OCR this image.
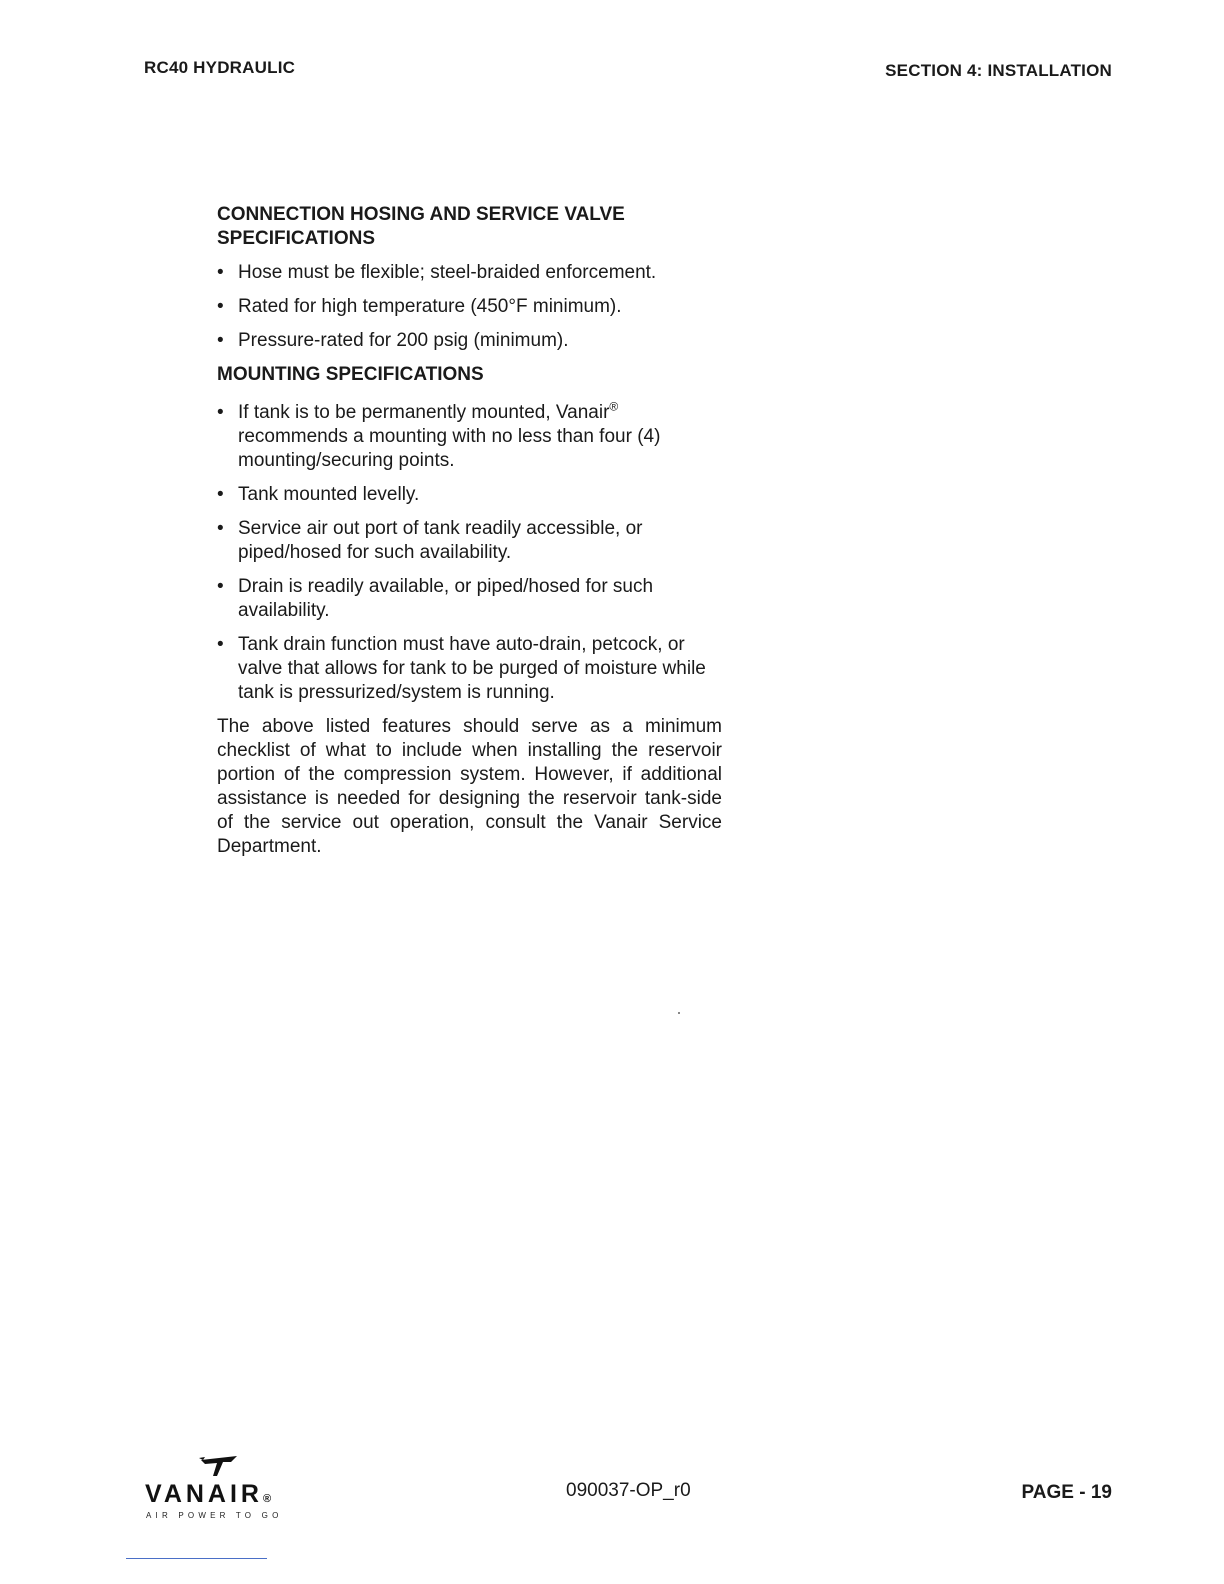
RC40 HYDRAULIC	SECTION 4: INSTALLATION
CONNECTION HOSING AND SERVICE VALVE
SPECIFICATIONS
• Hose must be flexible; steel-braided enforcement.
• Rated for high temperature (450°F minimum).
• Pressure-rated for 200 psig (minimum).
MOUNTING SPECIFICATIONS
• If tank is to be permanently mounted, Vanair® recommends a mounting with no less than four (4) mounting/securing points.
• Tank mounted levelly.
• Service air out port of tank readily accessible, or piped/hosed for such availability.
• Drain is readily available, or piped/hosed for such availability.
• Tank drain function must have auto-drain, petcock, or valve that allows for tank to be purged of moisture while tank is pressurized/system is running.

The above listed features should serve as a minimum checklist of what to include when installing the reservoir portion of the compression system. However, if additional assistance is needed for designing the reservoir tank-side of the service out operation, consult the Vanair Service Department.

VANAIR®
AIR POWER TO GO
090037-OP_r0	PAGE - 19
